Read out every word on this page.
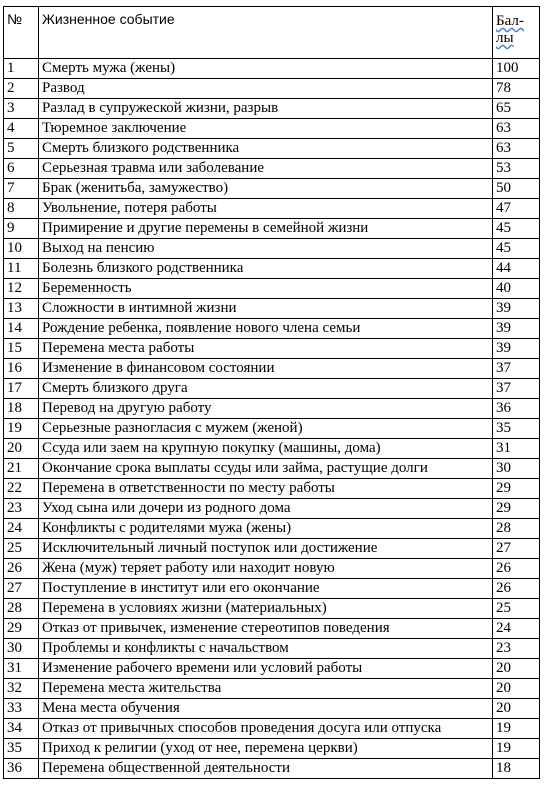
№	Жизненное событие	Бал-
лы

1	Смерть мужа (жены)	100
2	Развод	78
3	Разлад в супружеской жизни, разрыв	65
4	Тюремное заключение	63
5	Смерть близкого родственника	63
6	Серьезная травма или заболевание	53
7	Брак (женитьба, замужество)	50
8	Увольнение, потеря работы	47
9	Примирение и другие перемены в семейной жизни	45
10	Выход на пенсию	45
11	Болезнь близкого родственника	44
12	Беременность	40
13	Сложности в интимной жизни	39
14	Рождение ребенка, появление нового члена семьи	39
15	Перемена места работы	39
16	Изменение в финансовом состоянии	37
17	Смерть близкого друга	37
18	Перевод на другую работу	36
19	Серьезные разногласия с мужем (женой)	35
20	Ссуда или заем на крупную покупку (машины, дома)	31
21	Окончание срока выплаты ссуды или займа, растущие долги	30
22	Перемена в ответственности по месту работы	29
23	Уход сына или дочери из родного дома	29
24	Конфликты с родителями мужа (жены)	28
25	Исключительный личный поступок или достижение	27
26	Жена (муж) теряет работу или находит новую	26
27	Поступление в институт или его окончание	26
28	Перемена в условиях жизни (материальных)	25
29	Отказ от привычек, изменение стереотипов поведения	24
30	Проблемы и конфликты с начальством	23
31	Изменение рабочего времени или условий работы	20
32	Перемена места жительства	20
33	Мена места обучения	20
34	Отказ от привычных способов проведения досуга или отпуска	19
35	Приход к религии (уход от нее, перемена церкви)	19
36	Перемена общественной деятельности	18
